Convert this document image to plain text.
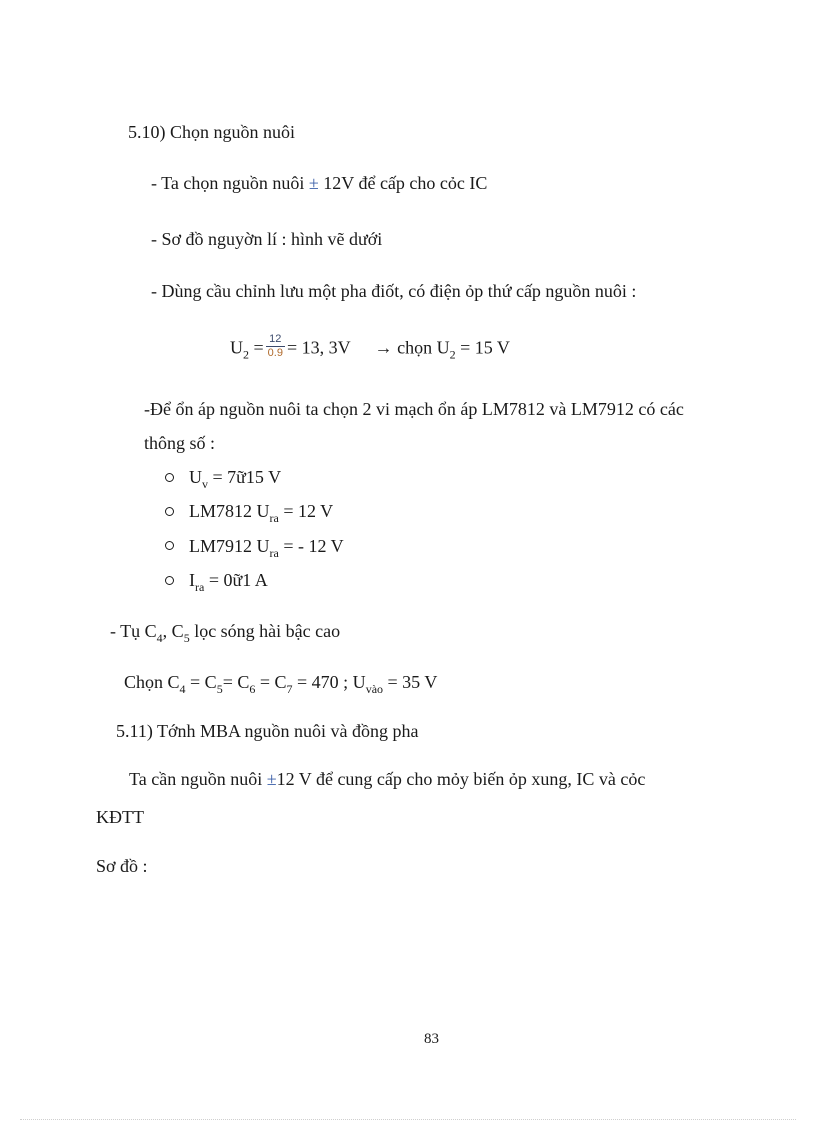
5.10) Chọn nguồn nuôi
- Ta chọn nguồn nuôi ± 12V để cấp cho cỏc IC
- Sơ đồ nguyờn lí : hình vẽ dưới
- Dùng cầu chỉnh lưu một pha điốt, có điện ỏp thứ cấp nguồn nuôi :
$U_2 = \frac{12}{0.9} = 13$, 3V → chọn $U_2 = 15$ V
-Để ổn áp nguồn nuôi ta chọn 2 vi mạch ổn áp LM7812 và LM7912 có các
thông số :
$U_v$ = 7ữ15 V
LM7812 $U_{ra} = 12$ V
LM7912 $U_{ra}$ = - 12 V
$I_{ra}$ = 0ữ1 A
- Tụ $C_4$, $C_5$ lọc sóng hài bậc cao
Chọn $C_4 = C_5= C_6 = C_7 = 470$ ; $U_{vào} = 35$ V
5.11) Tớnh MBA nguồn nuôi và đồng pha
Ta cần nguồn nuôi ±12 V để cung cấp cho mỏy biến ỏp xung, IC và cỏc
KĐTT
Sơ đồ :
83
